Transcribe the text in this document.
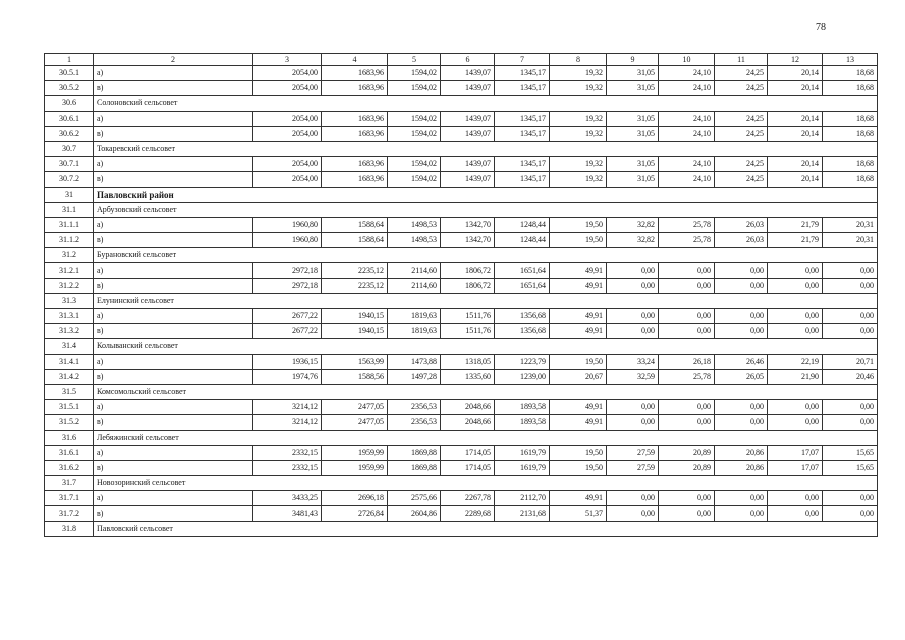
78
1	2	3	4	5	6	7	8	9	10	11	12	13
30.5.1	а)	2054,00	1683,96	1594,02	1439,07	1345,17	19,32	31,05	24,10	24,25	20,14	18,68
30.5.2	в)	2054,00	1683,96	1594,02	1439,07	1345,17	19,32	31,05	24,10	24,25	20,14	18,68
30.6	Солоновский сельсовет											
30.6.1	а)	2054,00	1683,96	1594,02	1439,07	1345,17	19,32	31,05	24,10	24,25	20,14	18,68
30.6.2	в)	2054,00	1683,96	1594,02	1439,07	1345,17	19,32	31,05	24,10	24,25	20,14	18,68
30.7	Токаревский сельсовет											
30.7.1	а)	2054,00	1683,96	1594,02	1439,07	1345,17	19,32	31,05	24,10	24,25	20,14	18,68
30.7.2	в)	2054,00	1683,96	1594,02	1439,07	1345,17	19,32	31,05	24,10	24,25	20,14	18,68
31	Павловский район											
31.1	Арбузовский сельсовет											
31.1.1	а)	1960,80	1588,64	1498,53	1342,70	1248,44	19,50	32,82	25,78	26,03	21,79	20,31
31.1.2	в)	1960,80	1588,64	1498,53	1342,70	1248,44	19,50	32,82	25,78	26,03	21,79	20,31
31.2	Бурановский сельсовет											
31.2.1	а)	2972,18	2235,12	2114,60	1806,72	1651,64	49,91	0,00	0,00	0,00	0,00	0,00
31.2.2	в)	2972,18	2235,12	2114,60	1806,72	1651,64	49,91	0,00	0,00	0,00	0,00	0,00
31.3	Елунинский сельсовет											
31.3.1	а)	2677,22	1940,15	1819,63	1511,76	1356,68	49,91	0,00	0,00	0,00	0,00	0,00
31.3.2	в)	2677,22	1940,15	1819,63	1511,76	1356,68	49,91	0,00	0,00	0,00	0,00	0,00
31.4	Колыванский сельсовет											
31.4.1	а)	1936,15	1563,99	1473,88	1318,05	1223,79	19,50	33,24	26,18	26,46	22,19	20,71
31.4.2	в)	1974,76	1588,56	1497,28	1335,60	1239,00	20,67	32,59	25,78	26,05	21,90	20,46
31.5	Комсомольский сельсовет											
31.5.1	а)	3214,12	2477,05	2356,53	2048,66	1893,58	49,91	0,00	0,00	0,00	0,00	0,00
31.5.2	в)	3214,12	2477,05	2356,53	2048,66	1893,58	49,91	0,00	0,00	0,00	0,00	0,00
31.6	Лебяжинский сельсовет											
31.6.1	а)	2332,15	1959,99	1869,88	1714,05	1619,79	19,50	27,59	20,89	20,86	17,07	15,65
31.6.2	в)	2332,15	1959,99	1869,88	1714,05	1619,79	19,50	27,59	20,89	20,86	17,07	15,65
31.7	Новозоринский сельсовет											
31.7.1	а)	3433,25	2696,18	2575,66	2267,78	2112,70	49,91	0,00	0,00	0,00	0,00	0,00
31.7.2	в)	3481,43	2726,84	2604,86	2289,68	2131,68	51,37	0,00	0,00	0,00	0,00	0,00
31.8	Павловский сельсовет											
